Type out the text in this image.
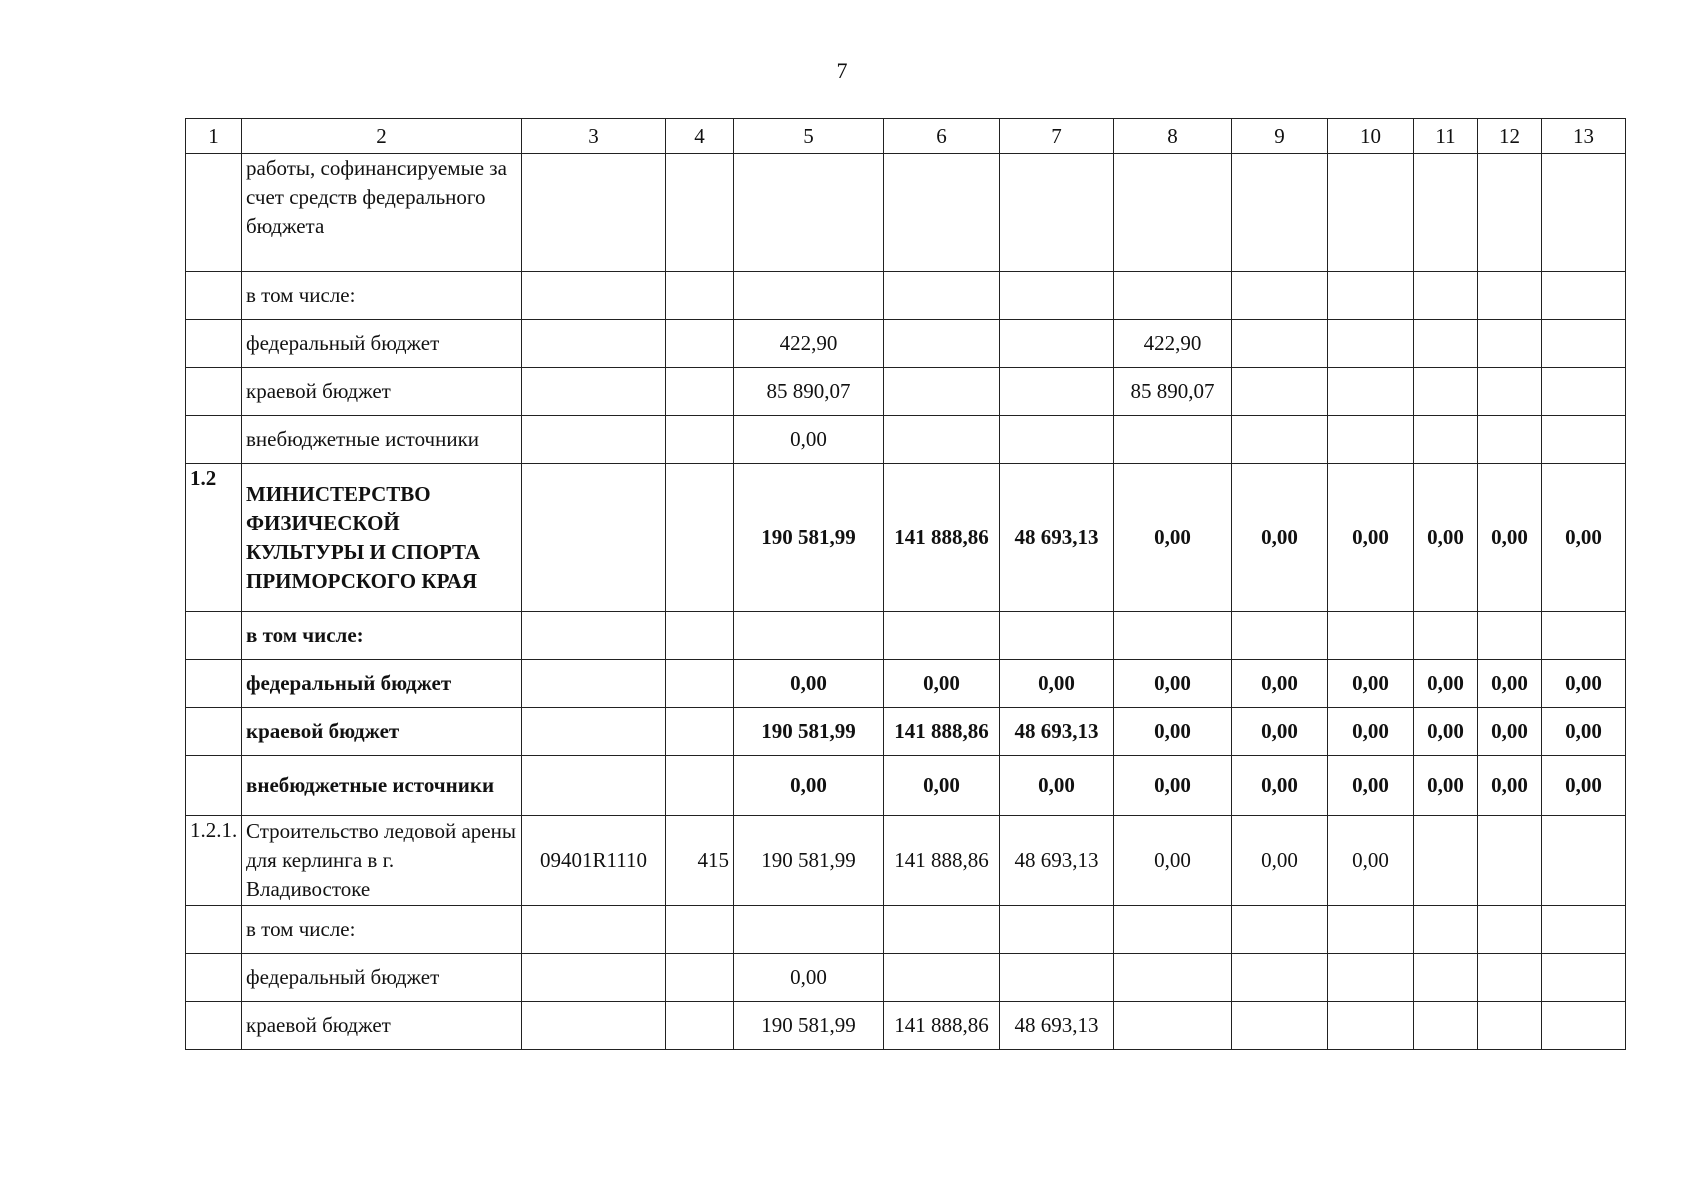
7
1	2	3	4	5	6	7	8	9	10	11	12	13
	работы, софинансируемые за счет средств федерального бюджета											
	в том числе:											
	федеральный бюджет			422,90			422,90					
	краевой бюджет			85 890,07			85 890,07					
	внебюджетные источники			0,00								
1.2	МИНИСТЕРСТВО ФИЗИЧЕСКОЙ КУЛЬТУРЫ И СПОРТА ПРИМОРСКОГО КРАЯ			190 581,99	141 888,86	48 693,13	0,00	0,00	0,00	0,00	0,00	0,00
	в том числе:											
	федеральный бюджет			0,00	0,00	0,00	0,00	0,00	0,00	0,00	0,00	0,00
	краевой бюджет			190 581,99	141 888,86	48 693,13	0,00	0,00	0,00	0,00	0,00	0,00
	внебюджетные источники			0,00	0,00	0,00	0,00	0,00	0,00	0,00	0,00	0,00
1.2.1.	Строительство ледовой арены для керлинга в г. Владивостоке	09401R1110	415	190 581,99	141 888,86	48 693,13	0,00	0,00	0,00			
	в том числе:											
	федеральный бюджет			0,00								
	краевой бюджет			190 581,99	141 888,86	48 693,13						
